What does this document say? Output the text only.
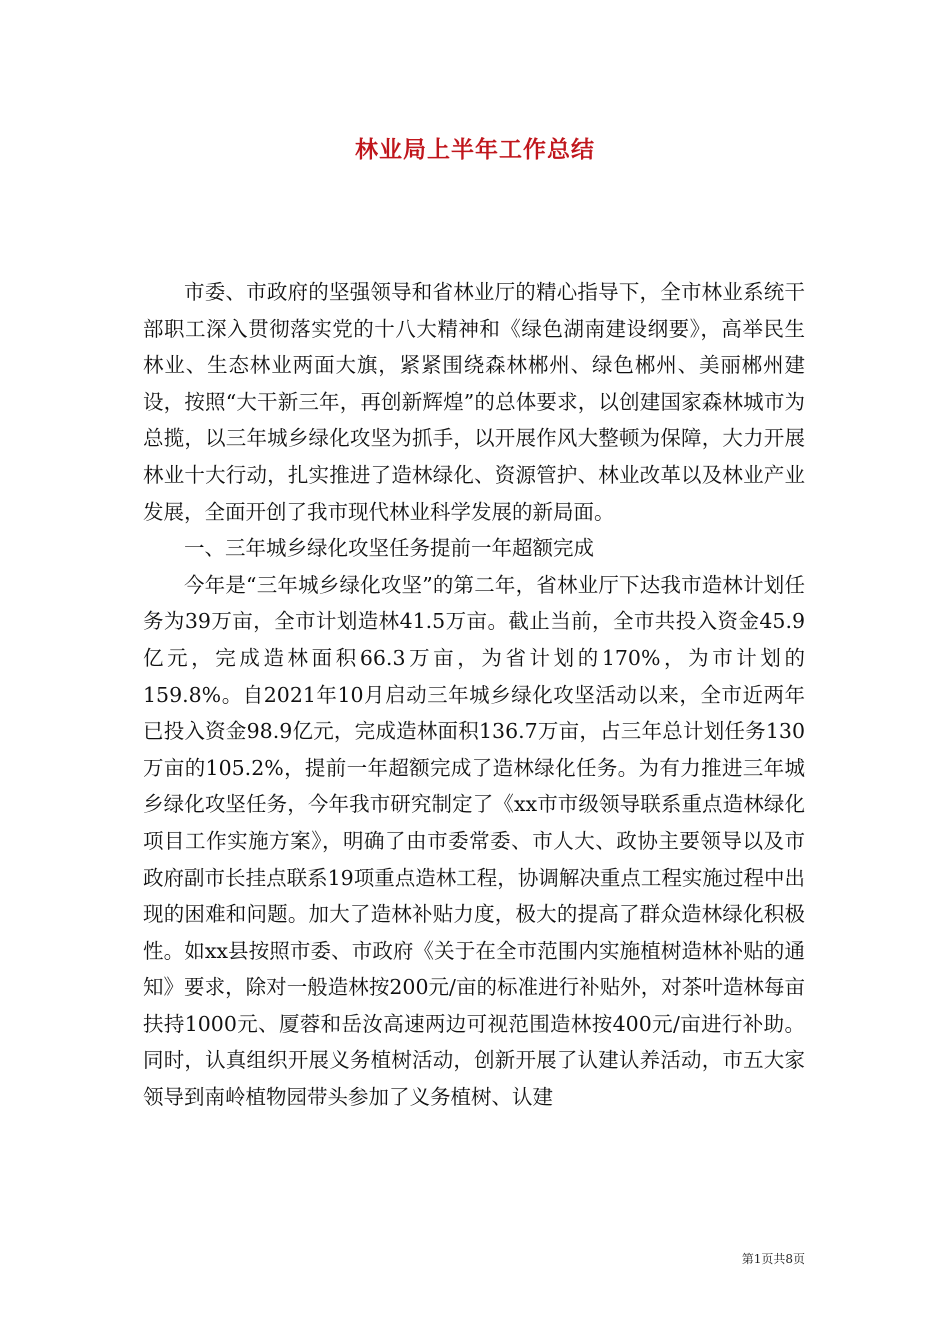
林业局上半年工作总结

市委、市政府的坚强领导和省林业厅的精心指导下，全市林业系统干部职工深入贯彻落实党的十八大精神和《绿色湖南建设纲要》，高举民生林业、生态林业两面大旗，紧紧围绕森林郴州、绿色郴州、美丽郴州建设，按照“大干新三年，再创新辉煌”的总体要求，以创建国家森林城市为总揽，以三年城乡绿化攻坚为抓手，以开展作风大整顿为保障，大力开展林业十大行动，扎实推进了造林绿化、资源管护、林业改革以及林业产业发展，全面开创了我市现代林业科学发展的新局面。

一、三年城乡绿化攻坚任务提前一年超额完成

今年是“三年城乡绿化攻坚”的第二年，省林业厅下达我市造林计划任务为39万亩，全市计划造林41.5万亩。截止当前，全市共投入资金45.9亿元，完成造林面积66.3万亩，为省计划的170%，为市计划的159.8%。自2021年10月启动三年城乡绿化攻坚活动以来，全市近两年已投入资金98.9亿元，完成造林面积136.7万亩，占三年总计划任务130万亩的105.2%，提前一年超额完成了造林绿化任务。为有力推进三年城乡绿化攻坚任务，今年我市研究制定了《xx市市级领导联系重点造林绿化项目工作实施方案》，明确了由市委常委、市人大、政协主要领导以及市政府副市长挂点联系19项重点造林工程，协调解决重点工程实施过程中出现的困难和问题。加大了造林补贴力度，极大的提高了群众造林绿化积极性。如xx县按照市委、市政府《关于在全市范围内实施植树造林补贴的通知》要求，除对一般造林按200元/亩的标准进行补贴外，对茶叶造林每亩扶持1000元、厦蓉和岳汝高速两边可视范围造林按400元/亩进行补助。同时，认真组织开展义务植树活动，创新开展了认建认养活动，市五大家领导到南岭植物园带头参加了义务植树、认建

第1页共8页
